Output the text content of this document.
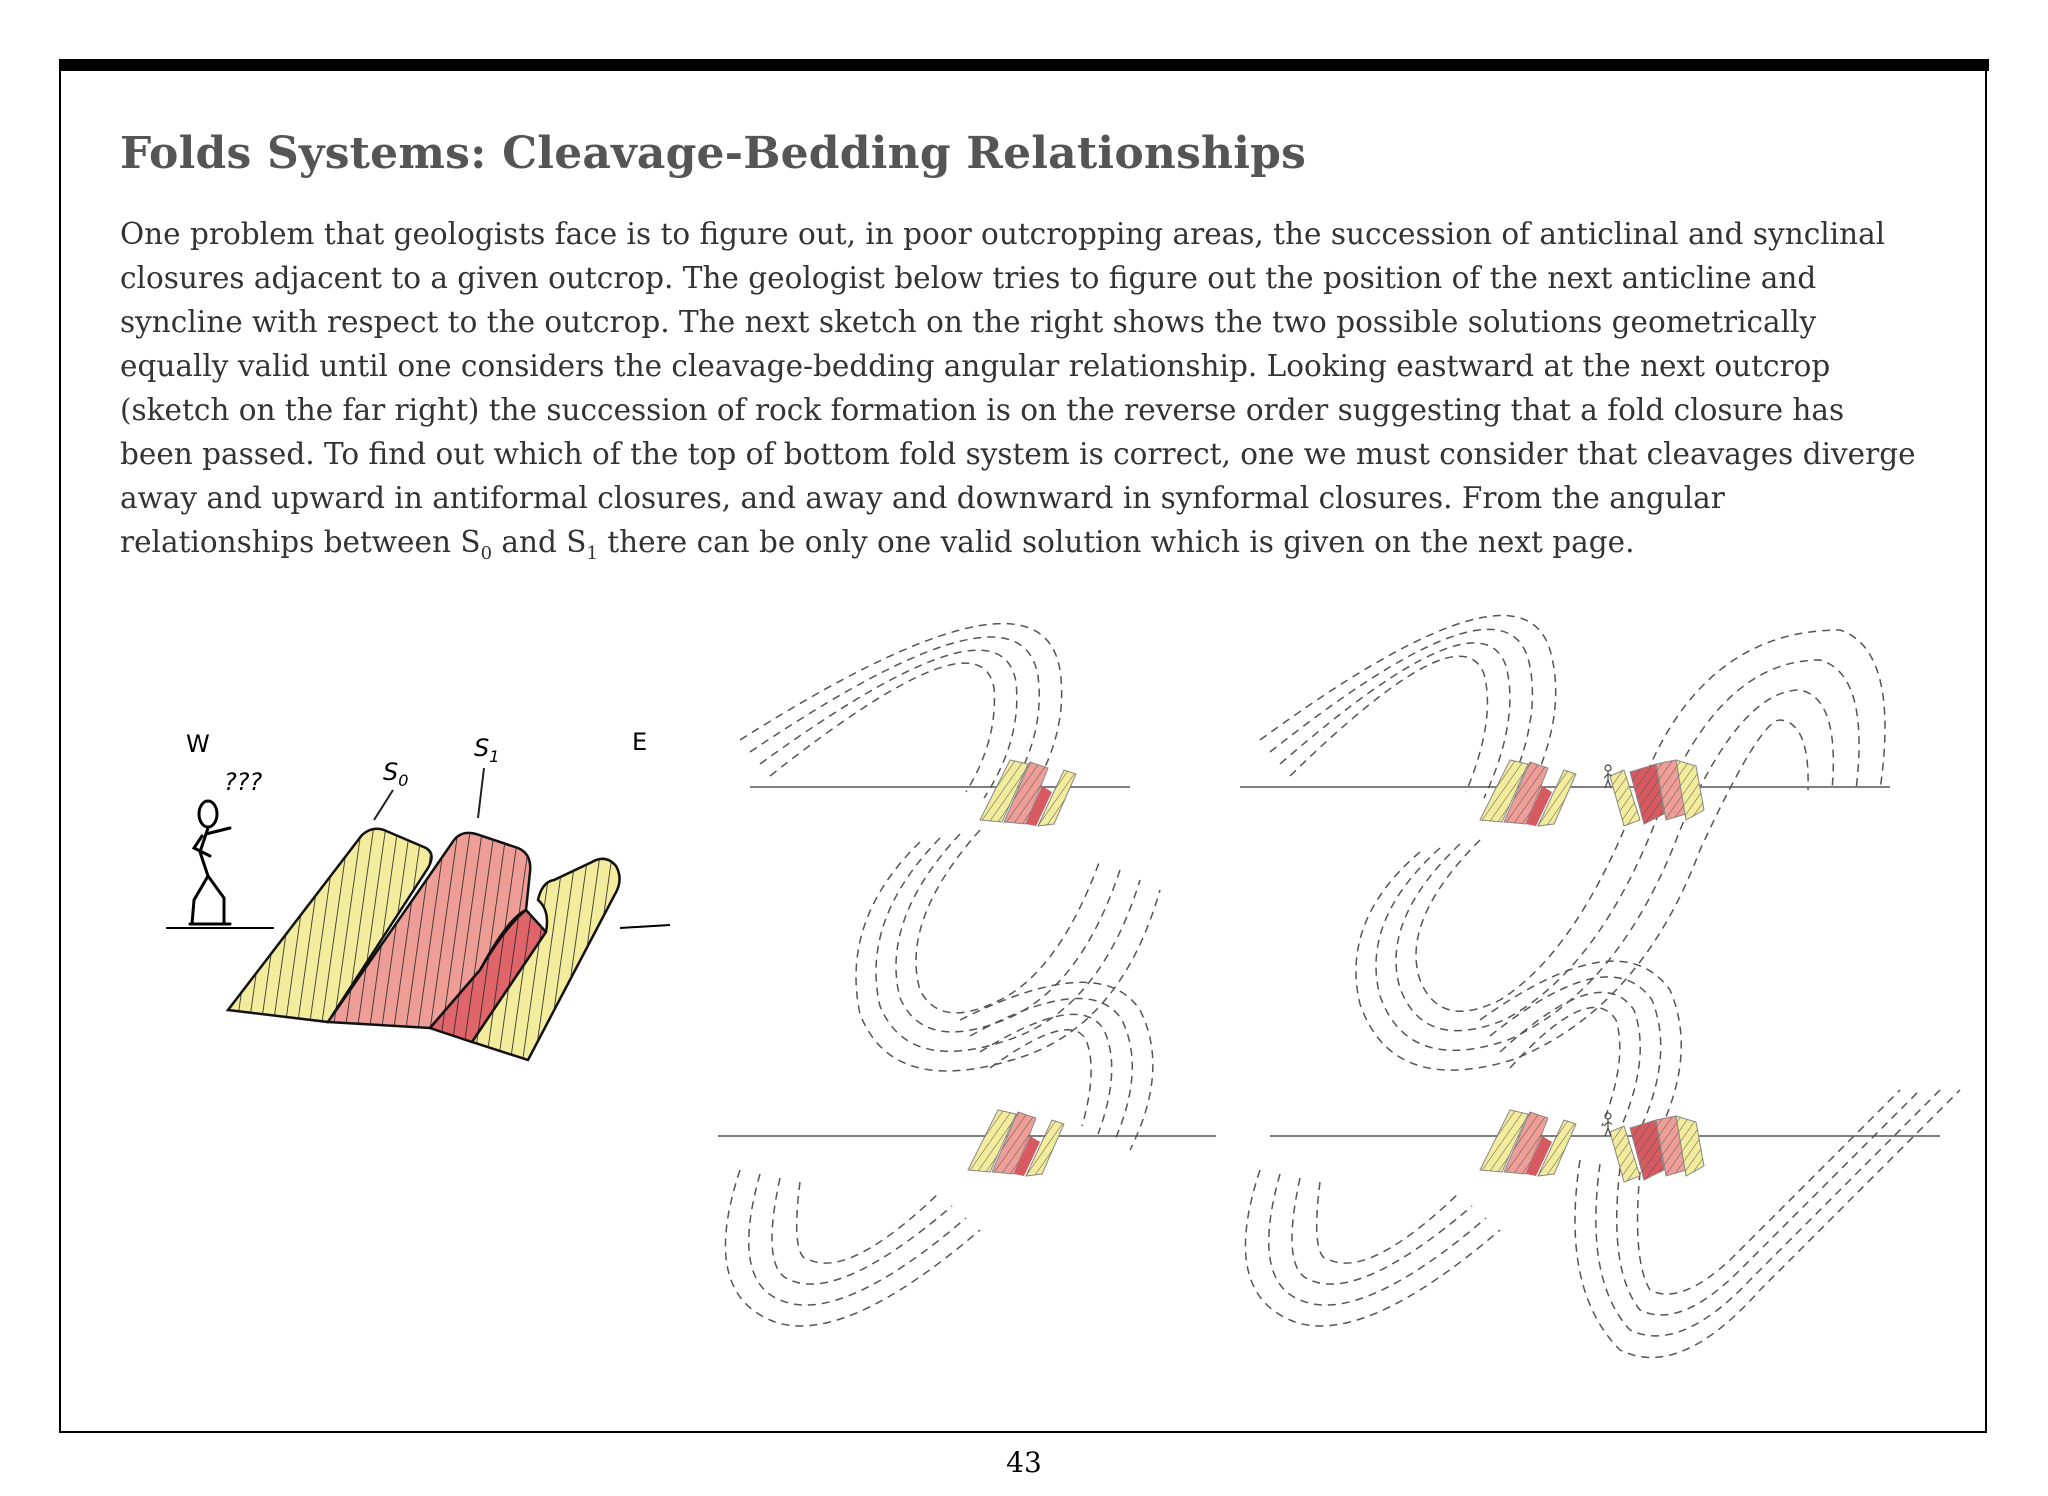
Folds Systems: Cleavage-Bedding Relationships

One problem that geologists face is to figure out, in poor outcropping areas, the succession of anticlinal and synclinal closures adjacent to a given outcrop. The geologist below tries to figure out the position of the next anticline and syncline with respect to the outcrop. The next sketch on the right shows the two possible solutions geometrically equally valid until one considers the cleavage-bedding angular relationship. Looking eastward at the next outcrop (sketch on the far right) the succession of rock formation is on the reverse order suggesting that a fold closure has been passed. To find out which of the top of bottom fold system is correct, one we must consider that cleavages diverge away and upward in antiformal closures, and away and downward in synformal closures. From the angular relationships between $S_0$ and $S_1$ there can be only one valid solution which is given on the next page.

W	E
???	$S_0$
$S_1$
43
